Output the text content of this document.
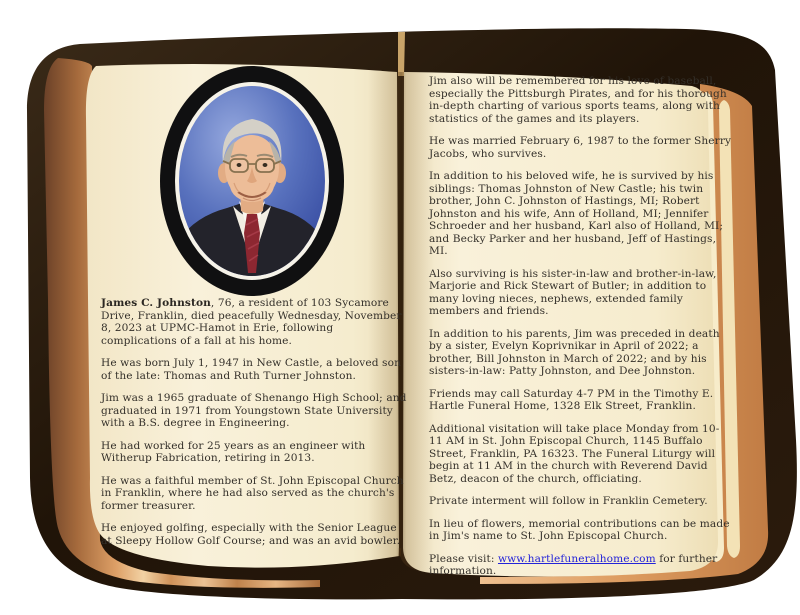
James C. Johnston, 76, a resident of 103 Sycamore Drive, Franklin, died peacefully Wednesday, November 8, 2023 at UPMC-Hamot in Erie, following complications of a fall at his home.

He was born July 1, 1947 in New Castle, a beloved son of the late: Thomas and Ruth Turner Johnston.

Jim was a 1965 graduate of Shenango High School; and graduated in 1971 from Youngstown State University with a B.S. degree in Engineering.

He had worked for 25 years as an engineer with Witherup Fabrication, retiring in 2013.

He was a faithful member of St. John Episcopal Church in Franklin, where he had also served as the church's former treasurer.

He enjoyed golfing, especially with the Senior League at Sleepy Hollow Golf Course; and was an avid bowler.

Jim also will be remembered for his love of baseball, especially the Pittsburgh Pirates, and for his thorough in-depth charting of various sports teams, along with statistics of the games and its players.

He was married February 6, 1987 to the former Sherry Jacobs, who survives.

In addition to his beloved wife, he is survived by his siblings: Thomas Johnston of New Castle; his twin brother, John C. Johnston of Hastings, MI; Robert Johnston and his wife, Ann of Holland, MI; Jennifer Schroeder and her husband, Karl also of Holland, MI; and Becky Parker and her husband, Jeff of Hastings, MI.

Also surviving is his sister-in-law and brother-in-law, Marjorie and Rick Stewart of Butler; in addition to many loving nieces, nephews, extended family members and friends.

In addition to his parents, Jim was preceded in death by a sister, Evelyn Koprivnikar in April of 2022; a brother, Bill Johnston in March of 2022; and by his sisters-in-law: Patty Johnston, and Dee Johnston.

Friends may call Saturday 4-7 PM in the Timothy E. Hartle Funeral Home, 1328 Elk Street, Franklin.

Additional visitation will take place Monday from 10-11 AM in St. John Episcopal Church, 1145 Buffalo Street, Franklin, PA 16323. The Funeral Liturgy will begin at 11 AM in the church with Reverend David Betz, deacon of the church, officiating.

Private interment will follow in Franklin Cemetery.

In lieu of flowers, memorial contributions can be made in Jim's name to St. John Episcopal Church.

Please visit: www.hartlefuneralhome.com for further information.
